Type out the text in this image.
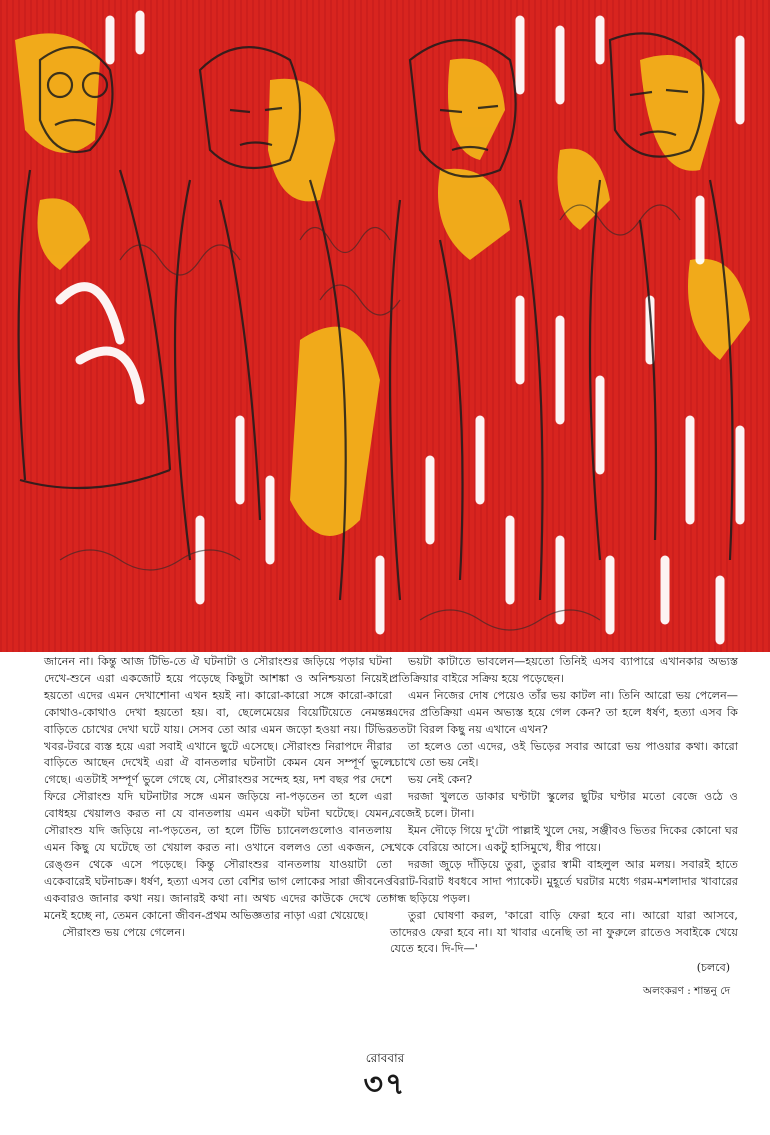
জানেন না। কিন্তু আজ টিভি-তে ঐ ঘটনাটা ও সৌরাংশুর জড়িয়ে পড়ার ঘটনা দেখে-শুনে এরা একজোট হয়ে পড়েছে কিছুটা আশঙ্কা ও অনিশ্চয়তা নিয়েই। হয়তো এদের এমন দেখাশোনা এখন হয়ই না। কারো-কারো সঙ্গে কারো-কারো কোথাও-কোথাও দেখা হয়তো হয়। বা, ছেলেমেয়ের বিয়েটিয়েতে নেমন্তন্ন বাড়িতে চোখের দেখা ঘটে যায়। সেসব তো আর এমন জড়ো হওয়া নয়। টিভির খবর-টবরে ব্যস্ত হয়ে এরা সবাই এখানে ছুটে এসেছে। সৌরাংশু নিরাপদে নীরার বাড়িতে আছেন দেখেই এরা ঐ বানতলার ঘটনাটা কেমন যেন সম্পূর্ণ ভুলে গেছে। এতটাই সম্পূর্ণ ভুলে গেছে যে, সৌরাংশুর সন্দেহ হয়, দশ বছর পর দেশে ফিরে সৌরাংশু যদি ঘটনাটার সঙ্গে এমন জড়িয়ে না-পড়তেন তা হলে এরা বোধহয় খেয়ালও করত না যে বানতলায় এমন একটা ঘটনা ঘটেছে। যেমন, সৌরাংশু যদি জড়িয়ে না-পড়তেন, তা হলে টিভি চ্যানেলগুলোও বানতলায় এমন কিছু যে ঘটেছে তা খেয়াল করত না। ওখানে বললও তো একজন, সে রেঙ্গুন থেকে এসে পড়েছে। কিন্তু সৌরাংশুর বানতলায় যাওয়াটা তো একেবারেই ঘটনাচক্র। ধর্ষণ, হত্যা এসব তো বেশির ভাগ লোকের সারা জীবনেও একবারও জানার কথা নয়। জানারই কথা না। অথচ এদের কাউকে দেখে তো মনেই হচ্ছে না, তেমন কোনো জীবন-প্রথম অভিজ্ঞতার নাড়া এরা খেয়েছে।

সৌরাংশু ভয় পেয়ে গেলেন।

ভয়টা কাটাতে ভাবলেন—হয়তো তিনিই এসব ব্যাপারে এখানকার অভ্যস্ত প্রতিক্রিয়ার বাইরে সক্রিয় হয়ে পড়েছেন।

এমন নিজের দোষ পেয়েও তাঁর ভয় কাটল না। তিনি আরো ভয় পেলেন—এদের প্রতিক্রিয়া এমন অভ্যস্ত হয়ে গেল কেন? তা হলে ধর্ষণ, হত্যা এসব কি ততটা বিরল কিছু নয় এখানে এখন?

তা হলেও তো এদের, ওই ভিড়ের সবার আরো ভয় পাওয়ার কথা। কারো চোখে তো ভয় নেই।

ভয় নেই কেন?

দরজা খুলতে ডাকার ঘণ্টাটা স্কুলের ছুটির ঘণ্টার মতো বেজে ওঠে ও বেজেই চলে। টানা।

ইমন দৌড়ে গিয়ে দু'টো পাল্লাই খুলে দেয়, সঞ্জীবও ভিতর দিকের কোনো ঘর থেকে বেরিয়ে আসে। একটু হাসিমুখে, ধীর পায়ে।

দরজা জুড়ে দাঁড়িয়ে তুরা, তুরার স্বামী বাহলুল আর মলয়। সবারই হাতে বিরাট-বিরাট ধবধবে সাদা প্যাকেট। মুহূর্তে ঘরটার মধ্যে গরম-মশলাদার খাবারের গন্ধ ছড়িয়ে পড়ল।

তুরা ঘোষণা করল, 'কারো বাড়ি ফেরা হবে না। আরো যারা আসবে, তাদেরও ফেরা হবে না। যা খাবার এনেছি তা না ফুরুলে রাতেও সবাইকে খেয়ে যেতে হবে। দি-দি—'

(চলবে)
অলংকরণ : শান্তনু দে
রোববার
৩৭
